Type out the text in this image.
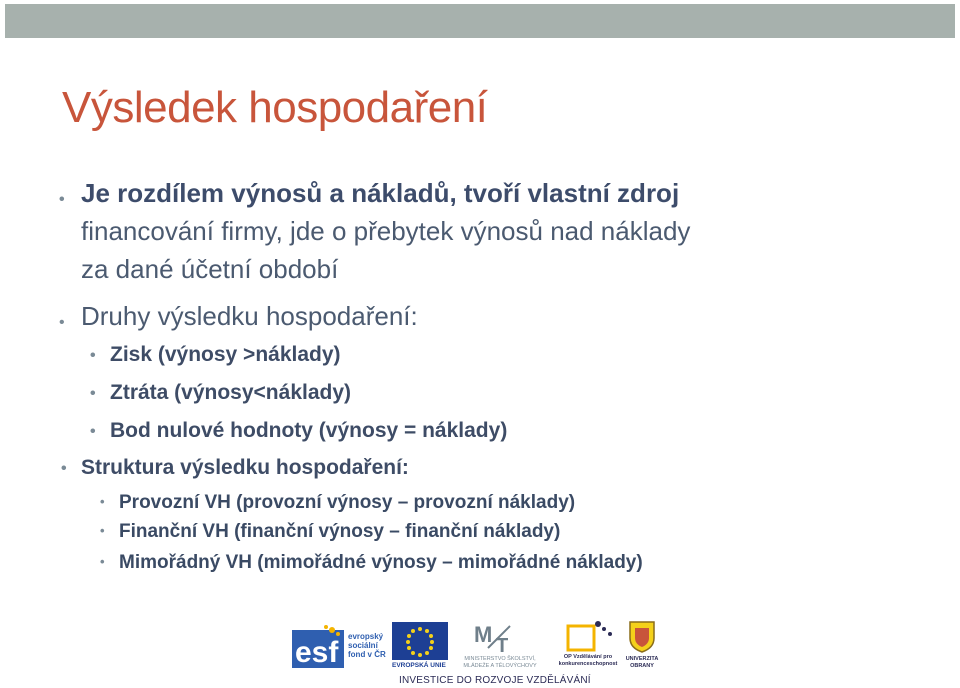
Výsledek hospodaření
• Je rozdílem výnosů a nákladů, tvoří vlastní zdroj
financování firmy, jde o přebytek výnosů nad náklady
za dané účetní období
• Druhy výsledku hospodaření:
• Zisk (výnosy >náklady)
• Ztráta (výnosy<náklady)
• Bod nulové hodnoty (výnosy = náklady)
• Struktura výsledku hospodaření:
• Provozní VH (provozní výnosy – provozní náklady)
• Finanční VH (finanční výnosy – finanční náklady)
• Mimořádný VH (mimořádné výnosy – mimořádné náklady)
esf evropský sociální fond v ČR
EVROPSKÁ UNIE
M T
MINISTERSTVO ŠKOLSTVÍ, MLÁDEŽE A TĚLOVÝCHOVY
OP Vzdělávání pro konkurenceschopnost
UNIVERZITA OBRANY
INVESTICE DO ROZVOJE VZDĚLÁVÁNÍ
